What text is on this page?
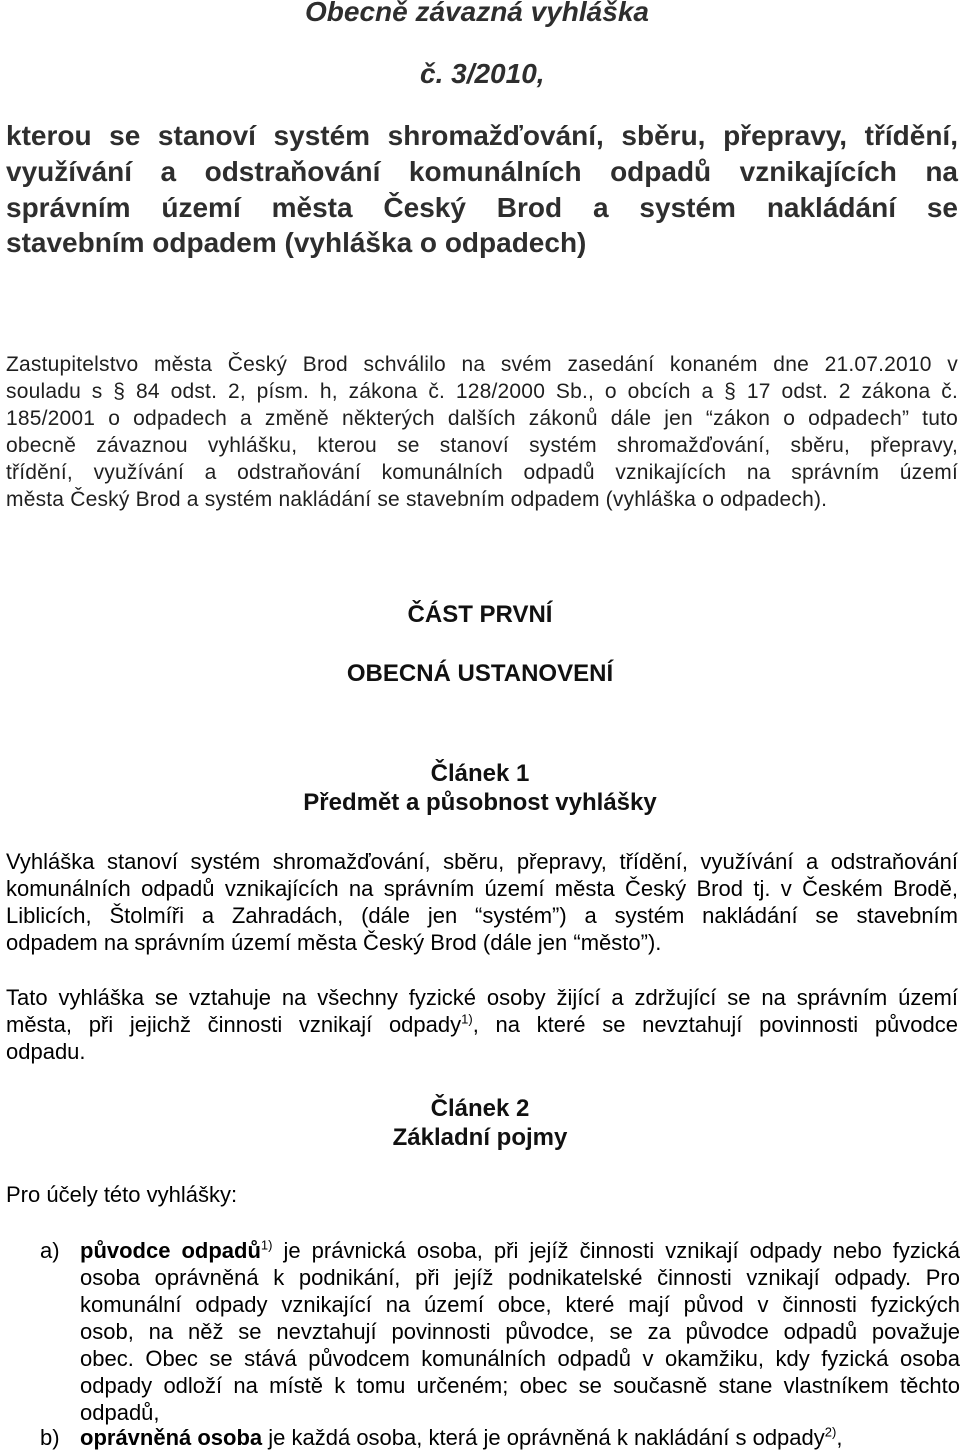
Obecně závazná vyhláška

č. 3/2010,

kterou se stanoví systém shromažďování, sběru, přepravy, třídění,

využívání a odstraňování komunálních odpadů vznikajících na

správním území města Český Brod a systém nakládání se

stavebním odpadem (vyhláška o odpadech)

Zastupitelstvo města Český Brod schválilo na svém zasedání konaném dne 21.07.2010 v

souladu s § 84 odst. 2, písm. h, zákona č. 128/2000 Sb., o obcích a § 17 odst. 2 zákona č.

185/2001 o odpadech a změně některých dalších zákonů dále jen “zákon o odpadech” tuto

obecně závaznou vyhlášku, kterou se stanoví systém shromažďování, sběru, přepravy,

třídění, využívání a odstraňování komunálních odpadů vznikajících na správním území

města Český Brod a systém nakládání se stavebním odpadem (vyhláška o odpadech).

ČÁST PRVNÍ

OBECNÁ USTANOVENÍ

Článek 1

Předmět a působnost vyhlášky

Vyhláška stanoví systém shromažďování, sběru, přepravy, třídění, využívání a odstraňování

komunálních odpadů vznikajících na správním území města Český Brod tj. v Českém Brodě,

Liblicích, Štolmíři a Zahradách, (dále jen “systém”) a systém nakládání se stavebním

odpadem na správním území města Český Brod (dále jen “město”).

Tato vyhláška se vztahuje na všechny fyzické osoby žijící a zdržující se na správním území

města, při jejichž činnosti vznikají odpady$^{1)}$, na které se nevztahují povinnosti původce

odpadu.

Článek 2

Základní pojmy

Pro účely této vyhlášky:

a) původce odpadů$^{1)}$ je právnická osoba, při jejíž činnosti vznikají odpady nebo fyzická

osoba oprávněná k podnikání, při jejíž podnikatelské činnosti vznikají odpady. Pro

komunální odpady vznikající na území obce, které mají původ v činnosti fyzických

osob, na něž se nevztahují povinnosti původce, se za původce odpadů považuje

obec. Obec se stává původcem komunálních odpadů v okamžiku, kdy fyzická osoba

odpady odloží na místě k tomu určeném; obec se současně stane vlastníkem těchto

odpadů,

b) oprávněná osoba je každá osoba, která je oprávněná k nakládání s odpady$^{2)}$,
